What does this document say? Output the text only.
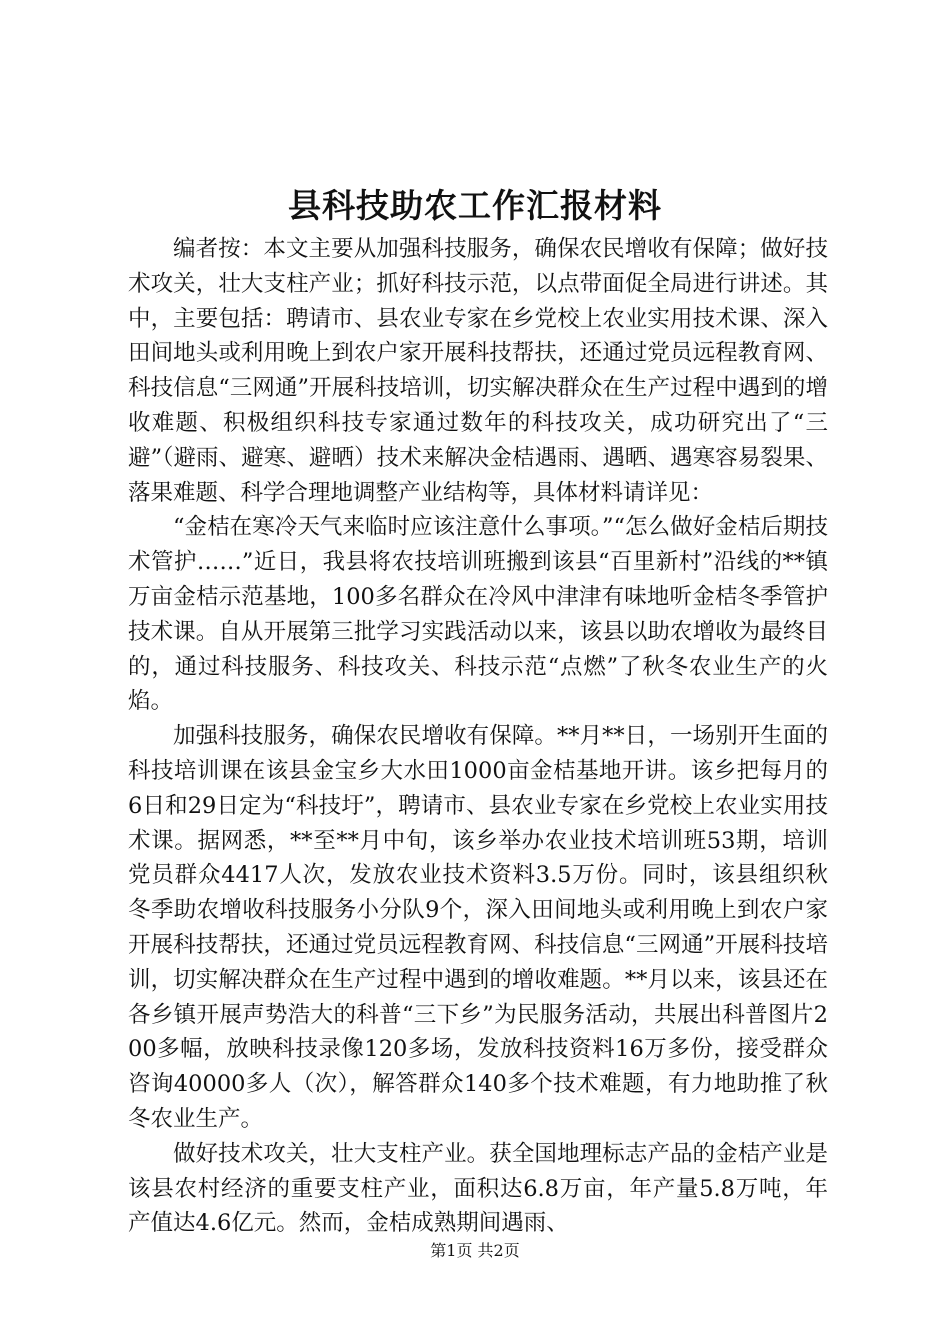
县科技助农工作汇报材料

编者按：本文主要从加强科技服务，确保农民增收有保障；做好技术攻关，壮大支柱产业；抓好科技示范，以点带面促全局进行讲述。其中，主要包括：聘请市、县农业专家在乡党校上农业实用技术课、深入田间地头或利用晚上到农户家开展科技帮扶，还通过党员远程教育网、科技信息“三网通”开展科技培训，切实解决群众在生产过程中遇到的增收难题、积极组织科技专家通过数年的科技攻关，成功研究出了“三避”（避雨、避寒、避晒）技术来解决金桔遇雨、遇晒、遇寒容易裂果、落果难题、科学合理地调整产业结构等，具体材料请详见：

“金桔在寒冷天气来临时应该注意什么事项。”“怎么做好金桔后期技术管护……”近日，我县将农技培训班搬到该县“百里新村”沿线的**镇万亩金桔示范基地，100多名群众在冷风中津津有味地听金桔冬季管护技术课。自从开展第三批学习实践活动以来，该县以助农增收为最终目的，通过科技服务、科技攻关、科技示范“点燃”了秋冬农业生产的火焰。

加强科技服务，确保农民增收有保障。**月**日，一场别开生面的科技培训课在该县金宝乡大水田1000亩金桔基地开讲。该乡把每月的6日和29日定为“科技圩”，聘请市、县农业专家在乡党校上农业实用技术课。据网悉，**至**月中旬，该乡举办农业技术培训班53期，培训党员群众4417人次，发放农业技术资料3.5万份。同时，该县组织秋冬季助农增收科技服务小分队9个，深入田间地头或利用晚上到农户家开展科技帮扶，还通过党员远程教育网、科技信息“三网通”开展科技培训，切实解决群众在生产过程中遇到的增收难题。**月以来，该县还在各乡镇开展声势浩大的科普“三下乡”为民服务活动，共展出科普图片200多幅，放映科技录像120多场，发放科技资料16万多份，接受群众咨询40000多人（次），解答群众140多个技术难题，有力地助推了秋冬农业生产。

做好技术攻关，壮大支柱产业。获全国地理标志产品的金桔产业是该县农村经济的重要支柱产业，面积达6.8万亩，年产量5.8万吨，年产值达4.6亿元。然而，金桔成熟期间遇雨、

第1页 共2页
